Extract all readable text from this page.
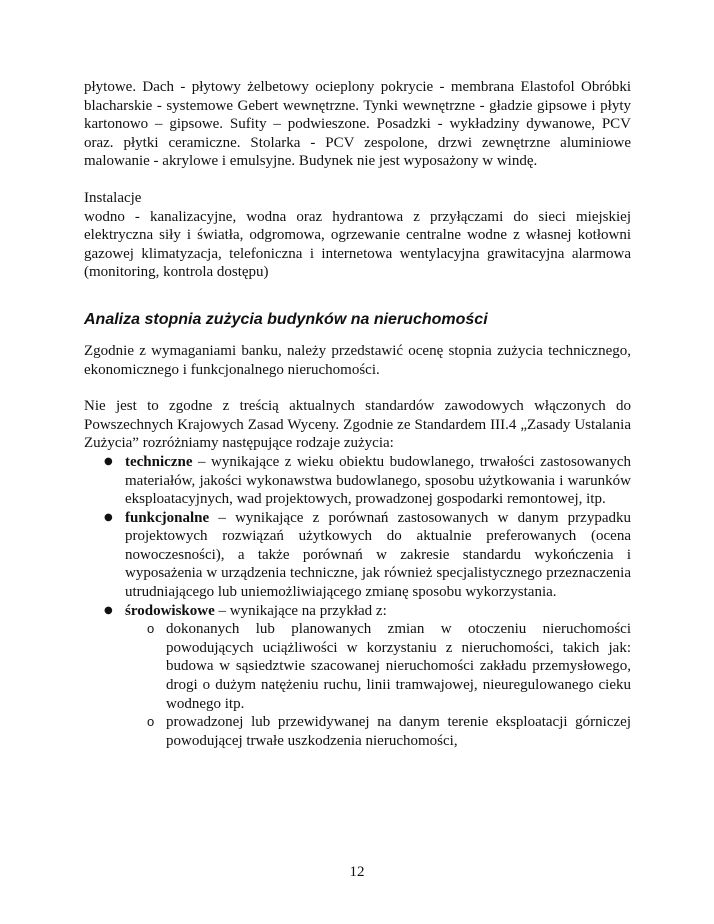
płytowe. Dach - płytowy żelbetowy ocieplony pokrycie - membrana Elastofol Obróbki blacharskie - systemowe Gebert wewnętrzne. Tynki wewnętrzne - gładzie gipsowe i płyty kartonowo – gipsowe. Sufity – podwieszone. Posadzki - wykładziny dywanowe, PCV oraz. płytki ceramiczne. Stolarka - PCV zespolone, drzwi zewnętrzne aluminiowe malowanie - akrylowe i emulsyjne. Budynek nie jest wyposażony w windę.

Instalacje

wodno - kanalizacyjne, wodna oraz hydrantowa z przyłączami do sieci miejskiej elektryczna siły i światła, odgromowa, ogrzewanie centralne wodne z własnej kotłowni gazowej klimatyzacja, telefoniczna i internetowa wentylacyjna grawitacyjna alarmowa (monitoring, kontrola dostępu)

Analiza stopnia zużycia budynków na nieruchomości

Zgodnie z wymaganiami banku, należy przedstawić ocenę stopnia zużycia technicznego, ekonomicznego i funkcjonalnego nieruchomości.

Nie jest to zgodne z treścią aktualnych standardów zawodowych włączonych do Powszechnych Krajowych Zasad Wyceny. Zgodnie ze Standardem III.4 „Zasady Ustalania Zużycia” rozróżniamy następujące rodzaje zużycia:

● techniczne – wynikające z wieku obiektu budowlanego, trwałości zastosowanych materiałów, jakości wykonawstwa budowlanego, sposobu użytkowania i warunków eksploatacyjnych, wad projektowych, prowadzonej gospodarki remontowej, itp.
● funkcjonalne – wynikające z porównań zastosowanych w danym przypadku projektowych rozwiązań użytkowych do aktualnie preferowanych (ocena nowoczesności), a także porównań w zakresie standardu wykończenia i wyposażenia w urządzenia techniczne, jak również specjalistycznego przeznaczenia utrudniającego lub uniemożliwiającego zmianę sposobu wykorzystania.
● środowiskowe – wynikające na przykład z:
o dokonanych lub planowanych zmian w otoczeniu nieruchomości powodujących uciążliwości w korzystaniu z nieruchomości, takich jak: budowa w sąsiedztwie szacowanej nieruchomości zakładu przemysłowego, drogi o dużym natężeniu ruchu, linii tramwajowej, nieuregulowanego cieku wodnego itp.
o prowadzonej lub przewidywanej na danym terenie eksploatacji górniczej powodującej trwałe uszkodzenia nieruchomości,
12
